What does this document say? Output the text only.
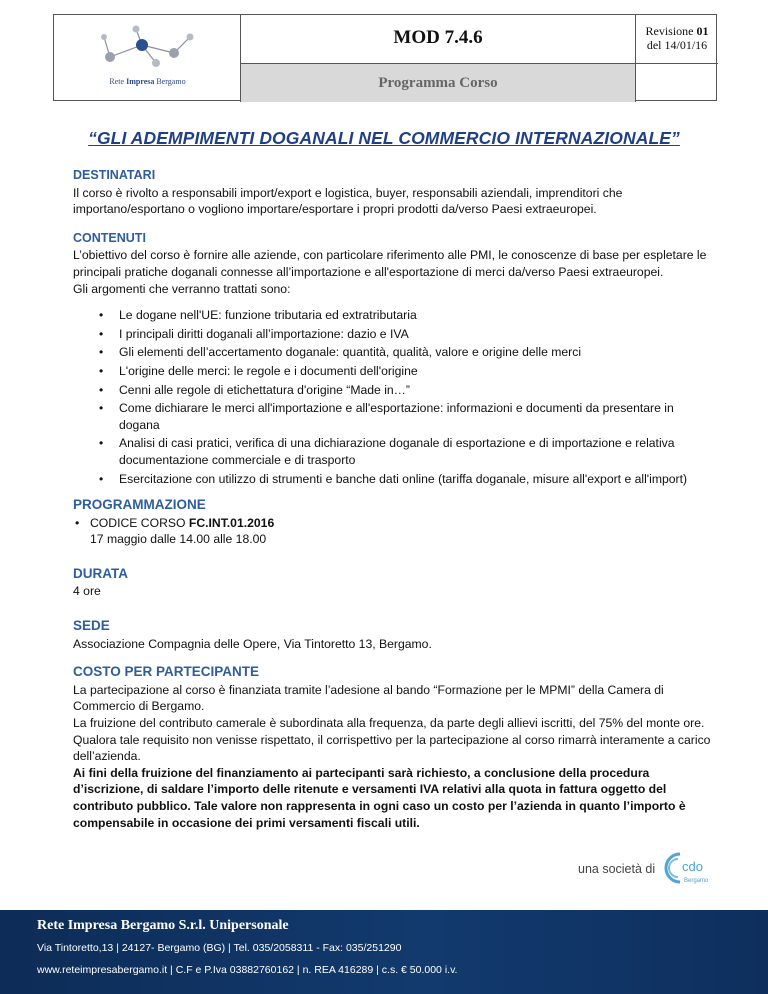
Rete Impresa Bergamo
MOD 7.4.6	Revisione 01
del 14/01/16
Programma Corso
“GLI ADEMPIMENTI DOGANALI NEL COMMERCIO INTERNAZIONALE”
DESTINATARI

Il corso è rivolto a responsabili import/export e logistica, buyer, responsabili aziendali, imprenditori che importano/esportano o vogliono importare/esportare i propri prodotti da/verso Paesi extraeuropei.

CONTENUTI

L’obiettivo del corso è fornire alle aziende, con particolare riferimento alle PMI, le conoscenze di base per espletare le principali pratiche doganali connesse all’importazione e all'esportazione di merci da/verso Paesi extraeuropei.

Gli argomenti che verranno trattati sono:

• Le dogane nell'UE: funzione tributaria ed extratributaria
• I principali diritti doganali all’importazione: dazio e IVA
• Gli elementi dell’accertamento doganale: quantità, qualità, valore e origine delle merci
• L'origine delle merci: le regole e i documenti dell'origine
• Cenni alle regole di etichettatura d'origine “Made in…”
• Come dichiarare le merci all'importazione e all'esportazione: informazioni e documenti da presentare in dogana
• Analisi di casi pratici, verifica di una dichiarazione doganale di esportazione e di importazione e relativa documentazione commerciale e di trasporto
• Esercitazione con utilizzo di strumenti e banche dati online (tariffa doganale, misure all'export e all'import)
PROGRAMMAZIONE
• CODICE CORSO FC.INT.01.2016

17 maggio dalle 14.00 alle 18.00

DURATA

4 ore

SEDE

Associazione Compagnia delle Opere, Via Tintoretto 13, Bergamo.

COSTO PER PARTECIPANTE

La partecipazione al corso è finanziata tramite l’adesione al bando “Formazione per le MPMI” della Camera di Commercio di Bergamo.

La fruizione del contributo camerale è subordinata alla frequenza, da parte degli allievi iscritti, del 75% del monte ore. Qualora tale requisito non venisse rispettato, il corrispettivo per la partecipazione al corso rimarrà interamente a carico dell’azienda.

Ai fini della fruizione del finanziamento ai partecipanti sarà richiesto, a conclusione della procedura d’iscrizione, di saldare l’importo delle ritenute e versamenti IVA relativi alla quota in fattura oggetto del contributo pubblico. Tale valore non rappresenta in ogni caso un costo per l’azienda in quanto l’importo è compensabile in occasione dei primi versamenti fiscali utili.

una società di cdo
Bergamo
Rete Impresa Bergamo S.r.l. Unipersonale
Via Tintoretto,13 | 24127- Bergamo (BG) | Tel. 035/2058311 - Fax: 035/251290
www.reteimpresabergamo.it | C.F e P.Iva 03882760162 | n. REA 416289 | c.s. € 50.000 i.v.
